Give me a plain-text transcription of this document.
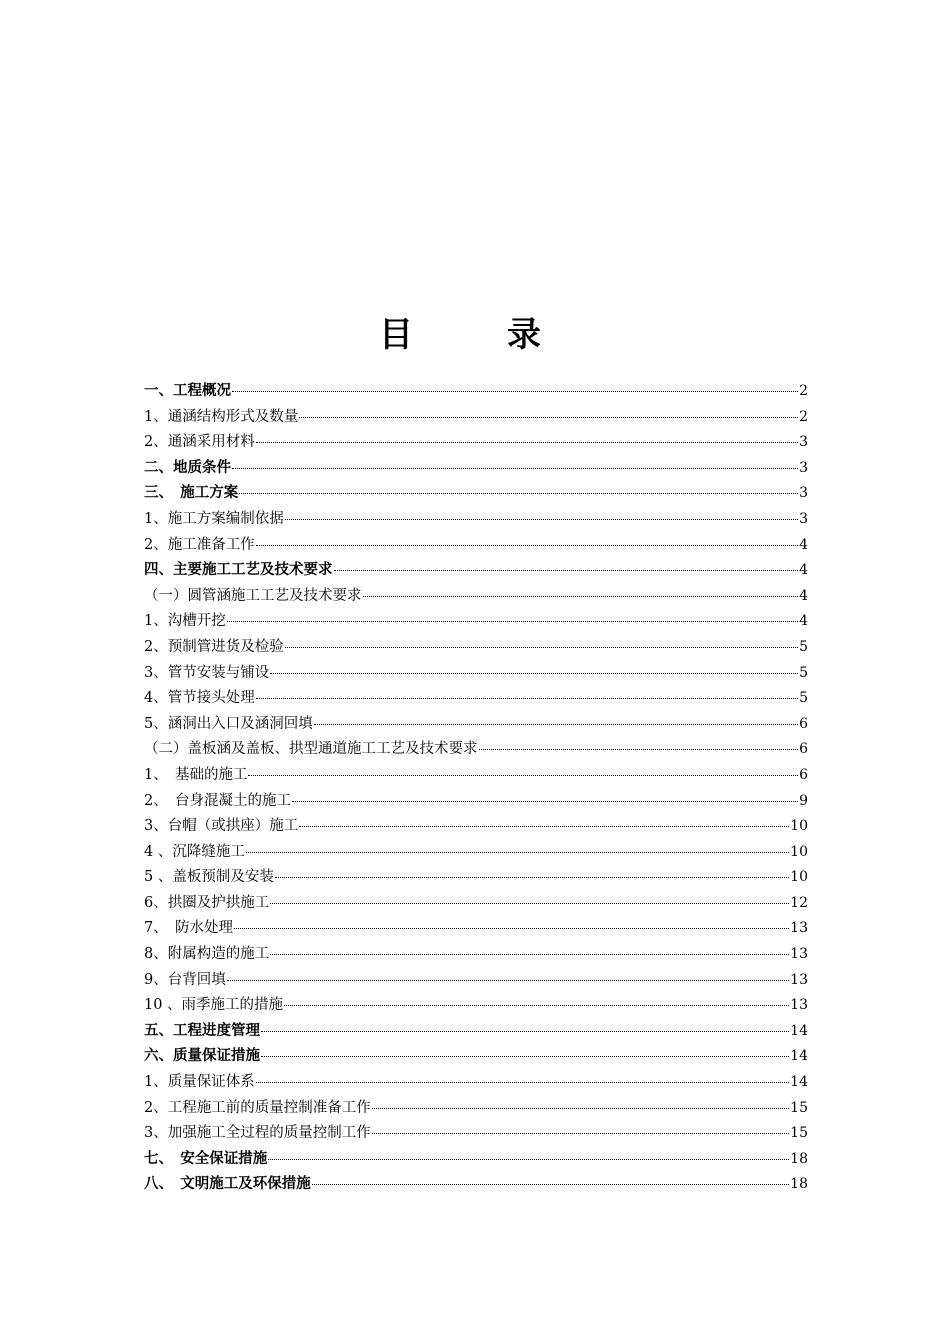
目　录
一、工程概况	2
1、通涵结构形式及数量	2
2、通涵采用材料	3
二、地质条件	3
三、　施工方案	3
1、施工方案编制依据	3
2、施工准备工作	4
四、主要施工工艺及技术要求	4
（一）圆管涵施工工艺及技术要求	4
1、沟槽开挖	4
2、预制管进货及检验	5
3、管节安装与铺设	5
4、管节接头处理	5
5、涵洞出入口及涵洞回填	6
（二）盖板涵及盖板、拱型通道施工工艺及技术要求	6
1、　基础的施工	6
2、　台身混凝土的施工	9
3、台帽（或拱座）施工	10
4 、沉降缝施工	10
5 、盖板预制及安装	10
6、拱圈及护拱施工	12
7、　防水处理	13
8、附属构造的施工	13
9、台背回填	13
10 、雨季施工的措施	13
五、工程进度管理	14
六、质量保证措施	14
1、质量保证体系	14
2、工程施工前的质量控制准备工作	15
3、加强施工全过程的质量控制工作	15
七、　安全保证措施	18
八、　文明施工及环保措施	18
